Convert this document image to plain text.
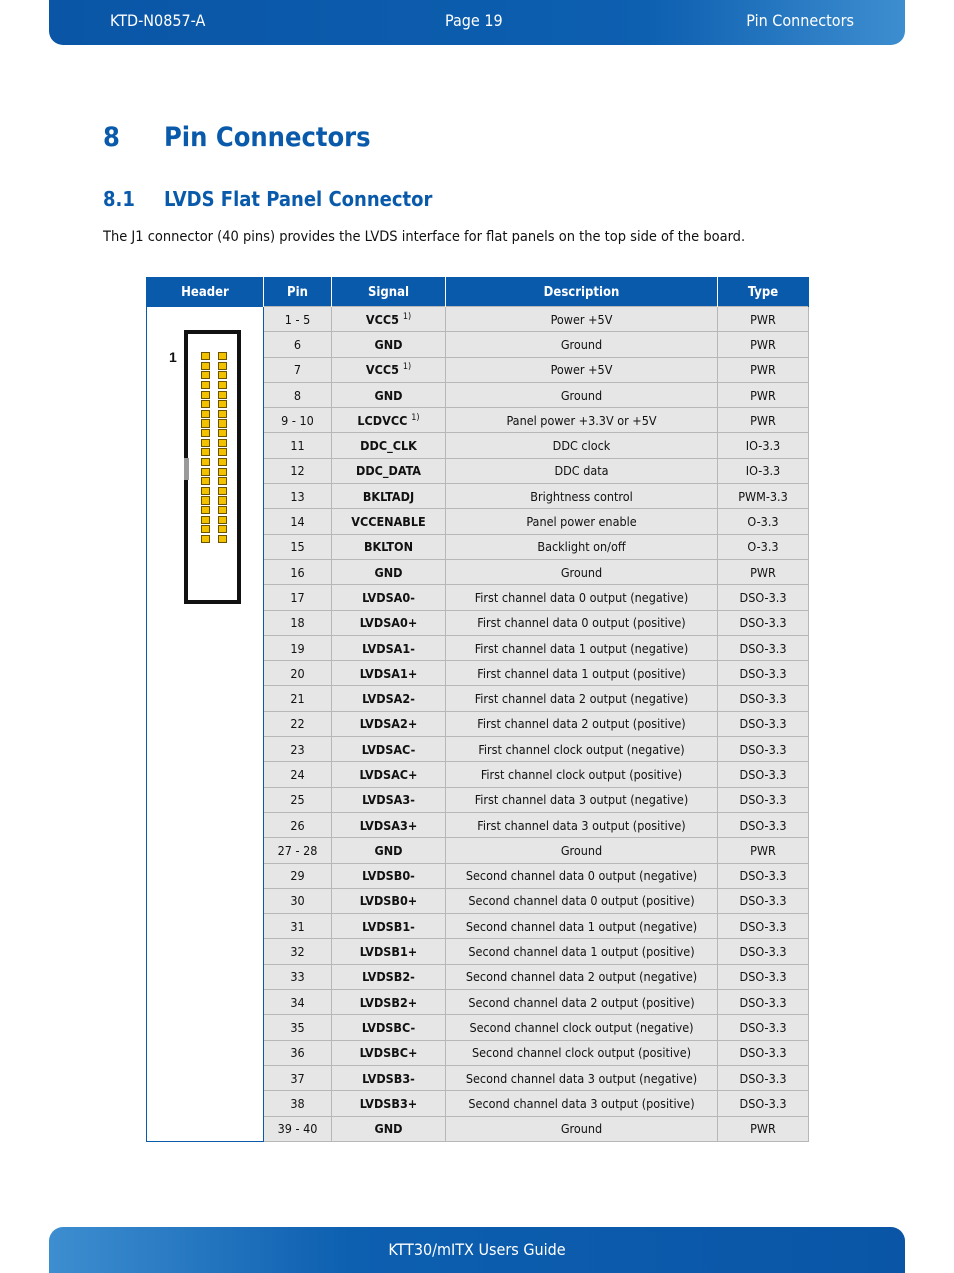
KTD-N0857-A	Page 19	Pin Connectors
8 Pin Connectors
8.1 LVDS Flat Panel Connector

The J1 connector (40 pins) provides the LVDS interface for flat panels on the top side of the board.

Header	Pin	Signal	Description	Type

1	1 - 5	VCC5 $^{1)}$	Power +5V	PWR
	6	GND	Ground	PWR
	7	VCC5 $^{1)}$	Power +5V	PWR
	8	GND	Ground	PWR
	9 - 10	LCDVCC $^{1)}$	Panel power +3.3V or +5V	PWR
	11	DDC_CLK	DDC clock	IO-3.3
	12	DDC_DATA	DDC data	IO-3.3
	13	BKLTADJ	Brightness control	PWM-3.3
	14	VCCENABLE	Panel power enable	O-3.3
	15	BKLTON	Backlight on/off	O-3.3
	16	GND	Ground	PWR
	17	LVDSA0-	First channel data 0 output (negative)	DSO-3.3
	18	LVDSA0+	First channel data 0 output (positive)	DSO-3.3
	19	LVDSA1-	First channel data 1 output (negative)	DSO-3.3
	20	LVDSA1+	First channel data 1 output (positive)	DSO-3.3
	21	LVDSA2-	First channel data 2 output (negative)	DSO-3.3
	22	LVDSA2+	First channel data 2 output (positive)	DSO-3.3
	23	LVDSAC-	First channel clock output (negative)	DSO-3.3
	24	LVDSAC+	First channel clock output (positive)	DSO-3.3
	25	LVDSA3-	First channel data 3 output (negative)	DSO-3.3
	26	LVDSA3+	First channel data 3 output (positive)	DSO-3.3
	27 - 28	GND	Ground	PWR
	29	LVDSB0-	Second channel data 0 output (negative)	DSO-3.3
	30	LVDSB0+	Second channel data 0 output (positive)	DSO-3.3
	31	LVDSB1-	Second channel data 1 output (negative)	DSO-3.3
	32	LVDSB1+	Second channel data 1 output (positive)	DSO-3.3
	33	LVDSB2-	Second channel data 2 output (negative)	DSO-3.3
	34	LVDSB2+	Second channel data 2 output (positive)	DSO-3.3
	35	LVDSBC-	Second channel clock output (negative)	DSO-3.3
	36	LVDSBC+	Second channel clock output (positive)	DSO-3.3
	37	LVDSB3-	Second channel data 3 output (negative)	DSO-3.3
	38	LVDSB3+	Second channel data 3 output (positive)	DSO-3.3
	39 - 40	GND	Ground	PWR
KTT30/mITX Users Guide
